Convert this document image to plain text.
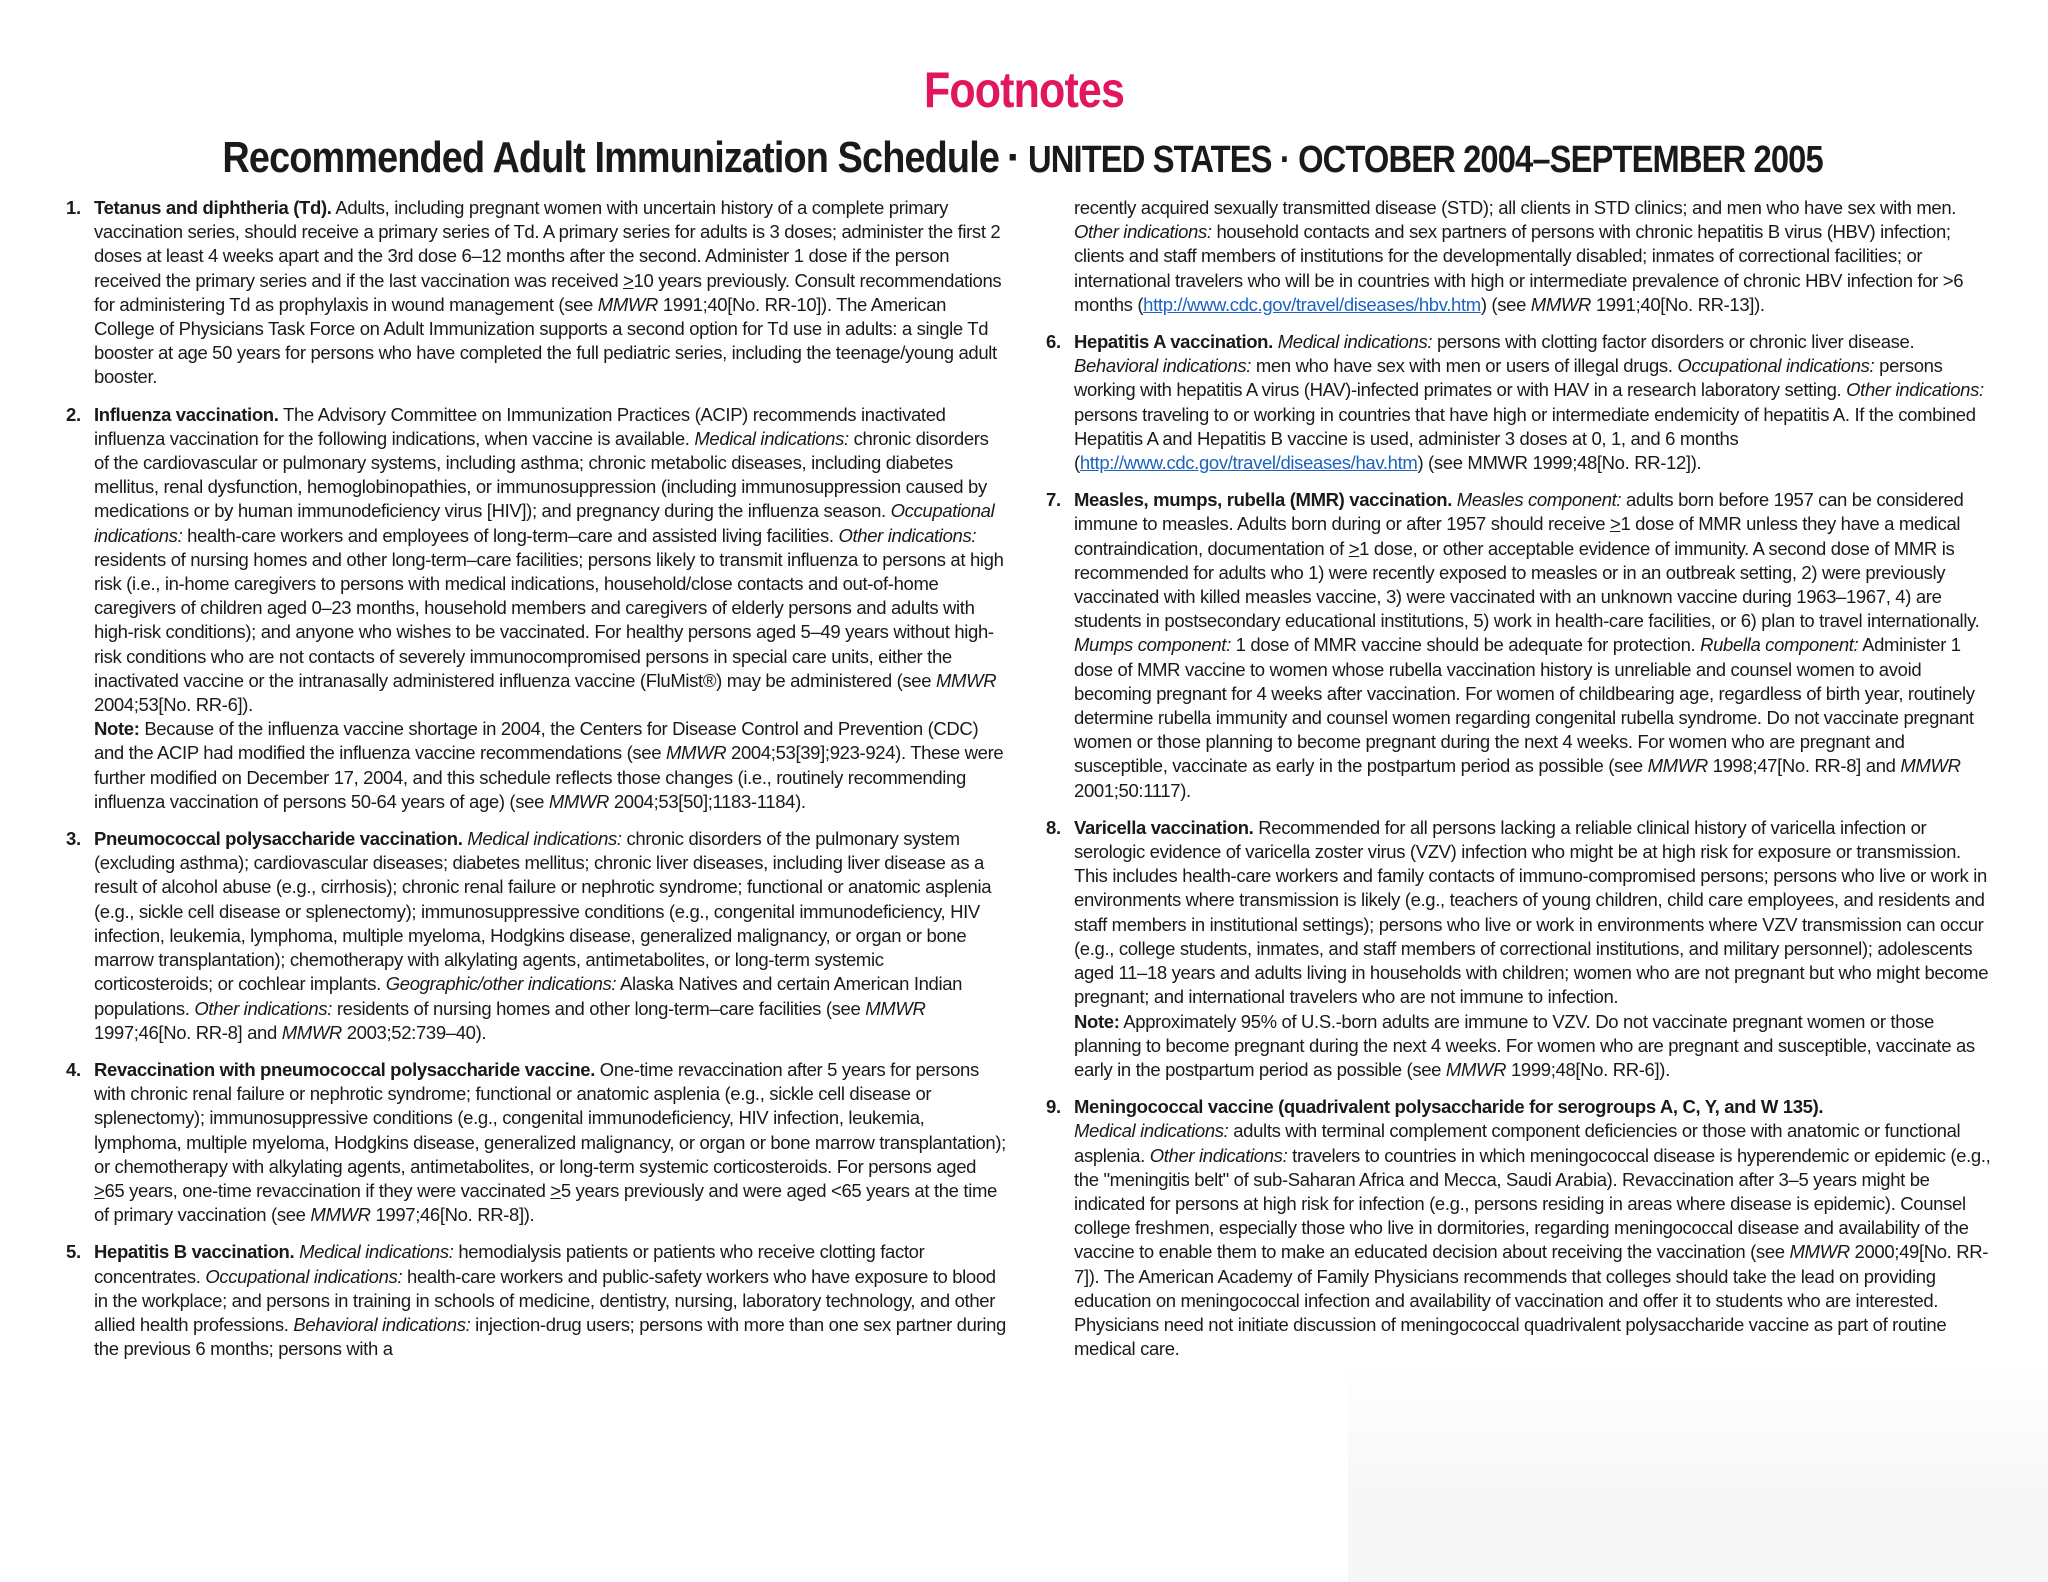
Footnotes
Recommended Adult Immunization Schedule · UNITED STATES · OCTOBER 2004–SEPTEMBER 2005

1. Tetanus and diphtheria (Td). Adults, including pregnant women with uncertain history of a complete primary vaccination series, should receive a primary series of Td. A primary series for adults is 3 doses; administer the first 2 doses at least 4 weeks apart and the 3rd dose 6–12 months after the second. Administer 1 dose if the person received the primary series and if the last vaccination was received ≥10 years previously. Consult recommendations for administering Td as prophylaxis in wound management (see MMWR 1991;40[No. RR-10]). The American College of Physicians Task Force on Adult Immunization supports a second option for Td use in adults: a single Td booster at age 50 years for persons who have completed the full pediatric series, including the teenage/young adult booster.

2. Influenza vaccination. The Advisory Committee on Immunization Practices (ACIP) recommends inactivated influenza vaccination for the following indications, when vaccine is available. Medical indications: chronic disorders of the cardiovascular or pulmonary systems, including asthma; chronic metabolic diseases, including diabetes mellitus, renal dysfunction, hemoglobinopathies, or immunosuppression (including immunosuppression caused by medications or by human immunodeficiency virus [HIV]); and pregnancy during the influenza season. Occupational indications: health-care workers and employees of long-term–care and assisted living facilities. Other indications: residents of nursing homes and other long-term–care facilities; persons likely to transmit influenza to persons at high risk (i.e., in-home caregivers to persons with medical indications, household/close contacts and out-of-home caregivers of children aged 0–23 months, household members and caregivers of elderly persons and adults with high-risk conditions); and anyone who wishes to be vaccinated. For healthy persons aged 5–49 years without high-risk conditions who are not contacts of severely immunocompromised persons in special care units, either the inactivated vaccine or the intranasally administered influenza vaccine (FluMist®) may be administered (see MMWR 2004;53[No. RR-6]).
Note: Because of the influenza vaccine shortage in 2004, the Centers for Disease Control and Prevention (CDC) and the ACIP had modified the influenza vaccine recommendations (see MMWR 2004;53[39];923-924). These were further modified on December 17, 2004, and this schedule reflects those changes (i.e., routinely recommending influenza vaccination of persons 50-64 years of age) (see MMWR 2004;53[50];1183-1184).

3. Pneumococcal polysaccharide vaccination. Medical indications: chronic disorders of the pulmonary system (excluding asthma); cardiovascular diseases; diabetes mellitus; chronic liver diseases, including liver disease as a result of alcohol abuse (e.g., cirrhosis); chronic renal failure or nephrotic syndrome; functional or anatomic asplenia (e.g., sickle cell disease or splenectomy); immunosuppressive conditions (e.g., congenital immunodeficiency, HIV infection, leukemia, lymphoma, multiple myeloma, Hodgkins disease, generalized malignancy, or organ or bone marrow transplantation); chemotherapy with alkylating agents, antimetabolites, or long-term systemic corticosteroids; or cochlear implants. Geographic/other indications: Alaska Natives and certain American Indian populations. Other indications: residents of nursing homes and other long-term–care facilities (see MMWR 1997;46[No. RR-8] and MMWR 2003;52:739–40).

4. Revaccination with pneumococcal polysaccharide vaccine. One-time revaccination after 5 years for persons with chronic renal failure or nephrotic syndrome; functional or anatomic asplenia (e.g., sickle cell disease or splenectomy); immunosuppressive conditions (e.g., congenital immunodeficiency, HIV infection, leukemia, lymphoma, multiple myeloma, Hodgkins disease, generalized malignancy, or organ or bone marrow transplantation); or chemotherapy with alkylating agents, antimetabolites, or long-term systemic corticosteroids. For persons aged ≥65 years, one-time revaccination if they were vaccinated ≥5 years previously and were aged <65 years at the time of primary vaccination (see MMWR 1997;46[No. RR-8]).

5. Hepatitis B vaccination. Medical indications: hemodialysis patients or patients who receive clotting factor concentrates. Occupational indications: health-care workers and public-safety workers who have exposure to blood in the workplace; and persons in training in schools of medicine, dentistry, nursing, laboratory technology, and other allied health professions. Behavioral indications: injection-drug users; persons with more than one sex partner during the previous 6 months; persons with a

recently acquired sexually transmitted disease (STD); all clients in STD clinics; and men who have sex with men. Other indications: household contacts and sex partners of persons with chronic hepatitis B virus (HBV) infection; clients and staff members of institutions for the developmentally disabled; inmates of correctional facilities; or international travelers who will be in countries with high or intermediate prevalence of chronic HBV infection for >6 months (http://www.cdc.gov/travel/diseases/hbv.htm) (see MMWR 1991;40[No. RR-13]).

6. Hepatitis A vaccination. Medical indications: persons with clotting factor disorders or chronic liver disease. Behavioral indications: men who have sex with men or users of illegal drugs. Occupational indications: persons working with hepatitis A virus (HAV)-infected primates or with HAV in a research laboratory setting. Other indications: persons traveling to or working in countries that have high or intermediate endemicity of hepatitis A. If the combined Hepatitis A and Hepatitis B vaccine is used, administer 3 doses at 0, 1, and 6 months (http://www.cdc.gov/travel/diseases/hav.htm) (see MMWR 1999;48[No. RR-12]).

7. Measles, mumps, rubella (MMR) vaccination. Measles component: adults born before 1957 can be considered immune to measles. Adults born during or after 1957 should receive ≥1 dose of MMR unless they have a medical contraindication, documentation of ≥1 dose, or other acceptable evidence of immunity. A second dose of MMR is recommended for adults who 1) were recently exposed to measles or in an outbreak setting, 2) were previously vaccinated with killed measles vaccine, 3) were vaccinated with an unknown vaccine during 1963–1967, 4) are students in postsecondary educational institutions, 5) work in health-care facilities, or 6) plan to travel internationally. Mumps component: 1 dose of MMR vaccine should be adequate for protection. Rubella component: Administer 1 dose of MMR vaccine to women whose rubella vaccination history is unreliable and counsel women to avoid becoming pregnant for 4 weeks after vaccination. For women of childbearing age, regardless of birth year, routinely determine rubella immunity and counsel women regarding congenital rubella syndrome. Do not vaccinate pregnant women or those planning to become pregnant during the next 4 weeks. For women who are pregnant and susceptible, vaccinate as early in the postpartum period as possible (see MMWR 1998;47[No. RR-8] and MMWR 2001;50:1117).

8. Varicella vaccination. Recommended for all persons lacking a reliable clinical history of varicella infection or serologic evidence of varicella zoster virus (VZV) infection who might be at high risk for exposure or transmission. This includes health-care workers and family contacts of immuno-compromised persons; persons who live or work in environments where transmission is likely (e.g., teachers of young children, child care employees, and residents and staff members in institutional settings); persons who live or work in environments where VZV transmission can occur (e.g., college students, inmates, and staff members of correctional institutions, and military personnel); adolescents aged 11–18 years and adults living in households with children; women who are not pregnant but who might become pregnant; and international travelers who are not immune to infection.
Note: Approximately 95% of U.S.-born adults are immune to VZV. Do not vaccinate pregnant women or those planning to become pregnant during the next 4 weeks. For women who are pregnant and susceptible, vaccinate as early in the postpartum period as possible (see MMWR 1999;48[No. RR-6]).

9. Meningococcal vaccine (quadrivalent polysaccharide for serogroups A, C, Y, and W 135).
Medical indications: adults with terminal complement component deficiencies or those with anatomic or functional asplenia. Other indications: travelers to countries in which meningococcal disease is hyperendemic or epidemic (e.g., the "meningitis belt" of sub-Saharan Africa and Mecca, Saudi Arabia). Revaccination after 3–5 years might be indicated for persons at high risk for infection (e.g., persons residing in areas where disease is epidemic). Counsel college freshmen, especially those who live in dormitories, regarding meningococcal disease and availability of the vaccine to enable them to make an educated decision about receiving the vaccination (see MMWR 2000;49[No. RR-7]). The American Academy of Family Physicians recommends that colleges should take the lead on providing education on meningococcal infection and availability of vaccination and offer it to students who are interested. Physicians need not initiate discussion of meningococcal quadrivalent polysaccharide vaccine as part of routine medical care.
